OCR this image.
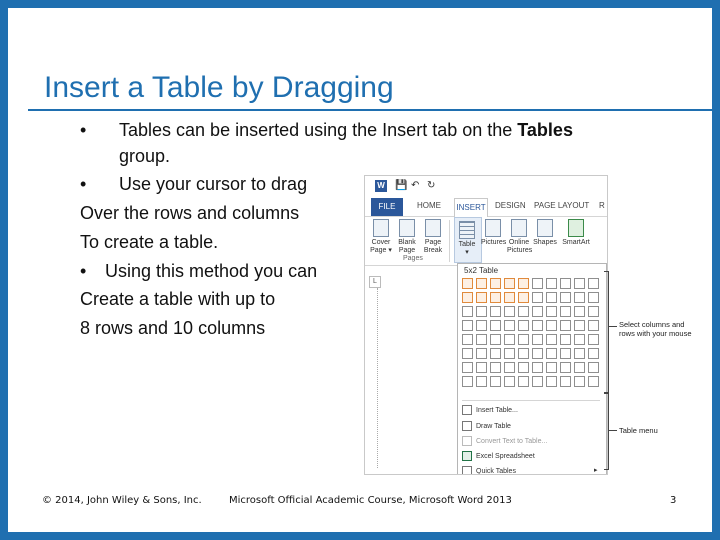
Insert a Table by Dragging
• Tables can be inserted using the Insert tab on the Tables
group.
• Use your cursor to drag
Over the rows and columns
To create a table.
• Using this method you can
Create a table with up to
8 rows and 10 columns
W 💾 ↶ ↻
HOME	DESIGN PAGE LAYOUT R
FILE	INSERT
Cover
Page ▾
Blank
Page
Page
Break
Pages
Table
▾
Pictures Online
Pictures
Shapes SmartArt
L
5x2 Table
Insert Table...
Draw Table
Convert Text to Table...
Excel Spreadsheet
Quick Tables	▸
Select columns and
rows with your mouse
Table menu
© 2014, John Wiley & Sons, Inc.	Microsoft Official Academic Course, Microsoft Word 2013	3
